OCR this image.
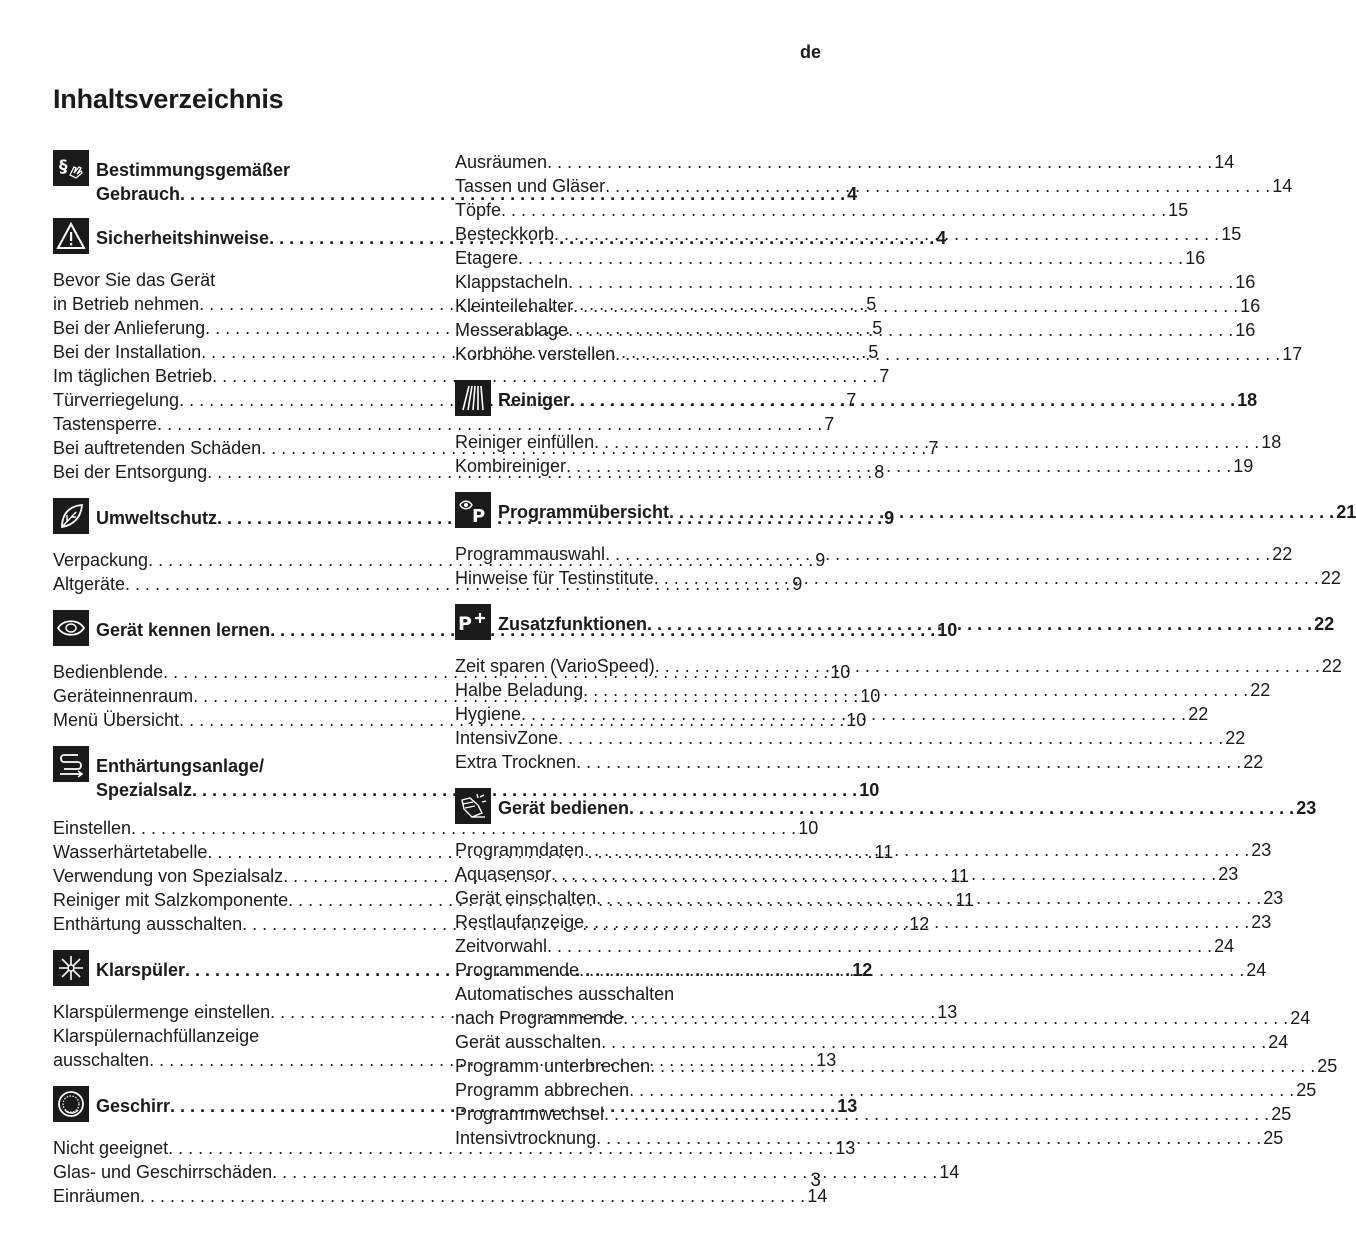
de
Inhaltsverzeichnis
§ Bestimmungsgemäßer
Gebrauch . . .	4
Sicherheitshinweise . . .	4
Bevor Sie das Gerät
in Betrieb nehmen . . .	5
Bei der Anlieferung . . .	5
Bei der Installation . . .	5
Im täglichen Betrieb . . .	7
Türverriegelung . . .	7
Tastensperre . . .	7
Bei auftretenden Schäden . . .	7
Bei der Entsorgung . . .	8
Umweltschutz . . .	9
Verpackung . . .	9
Altgeräte . . .	9
Gerät kennen lernen . . .	10
Bedienblende . . .	10
Geräteinnenraum . . .	10
Menü Übersicht . . .	10
Enthärtungsanlage/
Spezialsalz . . .	10
Einstellen . . .	10
Wasserhärtetabelle . . .	11
Verwendung von Spezialsalz . . .	11
Reiniger mit Salzkomponente . . .	11
Enthärtung ausschalten . . .	12
Klarspüler . . .	12
Klarspülermenge einstellen . . .	13
Klarspülernachfüllanzeige
ausschalten . . .	13
Geschirr . . .	13
Nicht geeignet . . .	13
Glas- und Geschirrschäden . . .	14
Einräumen . . .	14
Ausräumen . . .	14
Tassen und Gläser . . .	14
Töpfe . . .	15
Besteckkorb . . .	15
Etagere . . .	16
Klappstacheln . . .	16
Kleinteilehalter . . .	16
Messerablage . . .	16
Korbhöhe verstellen . . .	17
Reiniger . . .	18
Reiniger einfüllen . . .	18
Kombireiniger . . .	19
P Programmübersicht . . .	21
Programmauswahl . . .	22
Hinweise für Testinstitute . . .	22
P Zusatzfunktionen . . .	22
Zeit sparen (VarioSpeed) . . .	22
Halbe Beladung . . .	22
Hygiene . . .	22
IntensivZone . . .	22
Extra Trocknen . . .	22
Gerät bedienen . . .	23
Programmdaten . . .	23
Aquasensor . . .	23
Gerät einschalten . . .	23
Restlaufanzeige . . .	23
Zeitvorwahl . . .	24
Programmende . . .	24
Automatisches ausschalten
nach Programmende . . .	24
Gerät ausschalten . . .	24
Programm unterbrechen . . .	25
Programm abbrechen . . .	25
Programmwechsel . . .	25
Intensivtrocknung . . .	25
3
